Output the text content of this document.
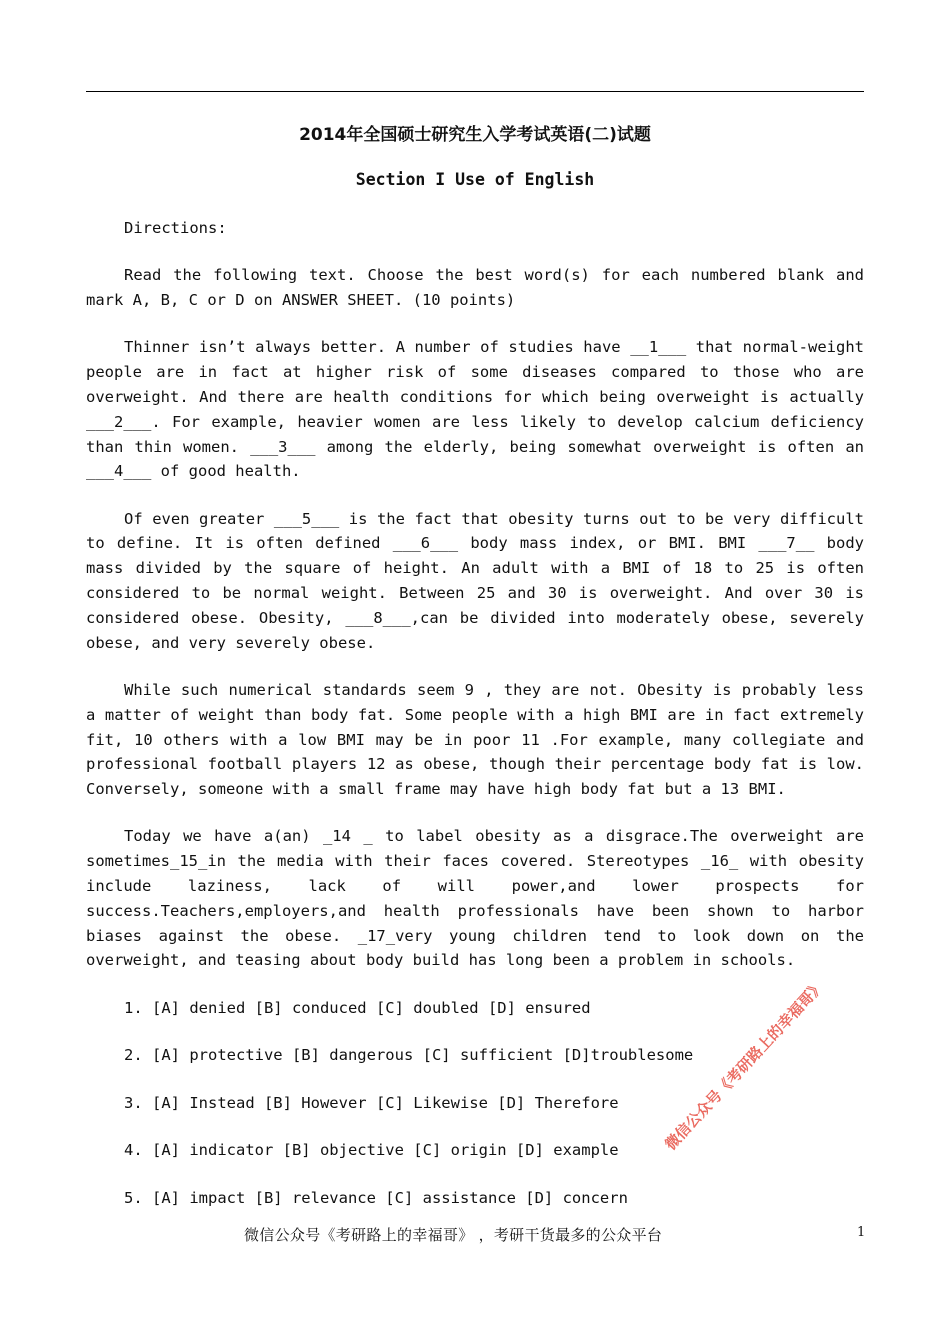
2014年全国硕士研究生入学考试英语(二)试题
Section I Use of English

Directions:

Read the following text. Choose the best word(s) for each numbered blank and mark A, B, C or D on ANSWER SHEET. (10 points)

Thinner isn’t always better. A number of studies have __1___ that normal-weight people are in fact at higher risk of some diseases compared to those who are overweight. And there are health conditions for which being overweight is actually ___2___. For example, heavier women are less likely to develop calcium deficiency than thin women. ___3___ among the elderly, being somewhat overweight is often an ___4___ of good health.

Of even greater ___5___ is the fact that obesity turns out to be very difficult to define. It is often defined ___6___ body mass index, or BMI. BMI ___7__ body mass divided by the square of height. An adult with a BMI of 18 to 25 is often considered to be normal weight. Between 25 and 30 is overweight. And over 30 is considered obese. Obesity, ___8___,can be divided into moderately obese, severely obese, and very severely obese.

While such numerical standards seem 9 , they are not. Obesity is probably less a matter of weight than body fat. Some people with a high BMI are in fact extremely fit, 10 others with a low BMI may be in poor 11 .For example, many collegiate and professional football players 12 as obese, though their percentage body fat is low. Conversely, someone with a small frame may have high body fat but a 13 BMI.

Today we have a(an) _14 _ to label obesity as a disgrace.The overweight are sometimes_15_in the media with their faces covered. Stereotypes _16_ with obesity include laziness, lack of will power,and lower prospects for success.Teachers,employers,and health professionals have been shown to harbor biases against the obese. _17_very young children tend to look down on the overweight, and teasing about body build has long been a problem in schools.

1. [A] denied [B] conduced [C] doubled [D] ensured
2. [A] protective [B] dangerous [C] sufficient [D]troublesome
3. [A] Instead [B] However [C] Likewise [D] Therefore
4. [A] indicator [B] objective [C] origin [D] example
5. [A] impact [B] relevance [C] assistance [D] concern
微信公众号《考研路上的幸福哥》
微信公众号《考研路上的幸福哥》 ，考研干货最多的公众平台	1
